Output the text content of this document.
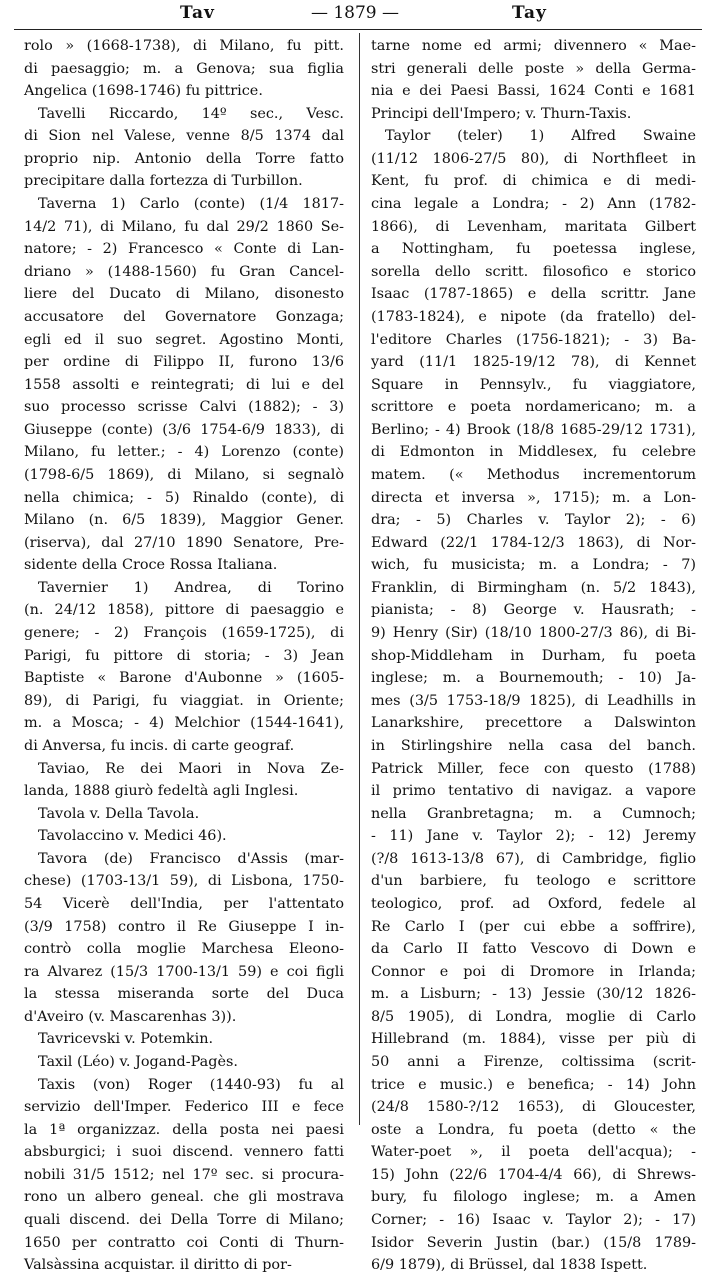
Tav	— 1879 —	Tay
rolo » (1668-1738), di Milano, fu pitt.
di paesaggio; m. a Genova; sua figlia
Angelica (1698-1746) fu pittrice.
Tavelli Riccardo, 14º sec., Vesc.
di Sion nel Valese, venne 8/5 1374 dal
proprio nip. Antonio della Torre fatto
precipitare dalla fortezza di Turbillon.
Taverna 1) Carlo (conte) (1/4 1817-
14/2 71), di Milano, fu dal 29/2 1860 Se-
natore; - 2) Francesco « Conte di Lan-
driano » (1488-1560) fu Gran Cancel-
liere del Ducato di Milano, disonesto
accusatore del Governatore Gonzaga;
egli ed il suo segret. Agostino Monti,
per ordine di Filippo II, furono 13/6
1558 assolti e reintegrati; di lui e del
suo processo scrisse Calvi (1882); - 3)
Giuseppe (conte) (3/6 1754-6/9 1833), di
Milano, fu letter.; - 4) Lorenzo (conte)
(1798-6/5 1869), di Milano, si segnalò
nella chimica; - 5) Rinaldo (conte), di
Milano (n. 6/5 1839), Maggior Gener.
(riserva), dal 27/10 1890 Senatore, Pre-
sidente della Croce Rossa Italiana.
Tavernier 1) Andrea, di Torino
(n. 24/12 1858), pittore di paesaggio e
genere; - 2) François (1659-1725), di
Parigi, fu pittore di storia; - 3) Jean
Baptiste « Barone d'Aubonne » (1605-
89), di Parigi, fu viaggiat. in Oriente;
m. a Mosca; - 4) Melchior (1544-1641),
di Anversa, fu incis. di carte geograf.
Taviao, Re dei Maori in Nova Ze-
landa, 1888 giurò fedeltà agli Inglesi.
Tavola v. Della Tavola.
Tavolaccino v. Medici 46).
Tavora (de) Francisco d'Assis (mar-
chese) (1703-13/1 59), di Lisbona, 1750-
54 Vicerè dell'India, per l'attentato
(3/9 1758) contro il Re Giuseppe I in-
contrò colla moglie Marchesa Eleono-
ra Alvarez (15/3 1700-13/1 59) e coi figli
la stessa miseranda sorte del Duca
d'Aveiro (v. Mascarenhas 3)).
Tavricevski v. Potemkin.
Taxil (Léo) v. Jogand-Pagès.
Taxis (von) Roger (1440-93) fu al
servizio dell'Imper. Federico III e fece
la 1ª organizzaz. della posta nei paesi
absburgici; i suoi discend. vennero fatti
nobili 31/5 1512; nel 17º sec. si procura-
rono un albero geneal. che gli mostrava
quali discend. dei Della Torre di Milano;
1650 per contratto coi Conti di Thurn-
Valsàssina acquistar. il diritto di por-
tarne nome ed armi; divennero « Mae-
stri generali delle poste » della Germa-
nia e dei Paesi Bassi, 1624 Conti e 1681
Principi dell'Impero; v. Thurn-Taxis.
Taylor (teler) 1) Alfred Swaine
(11/12 1806-27/5 80), di Northfleet in
Kent, fu prof. di chimica e di medi-
cina legale a Londra; - 2) Ann (1782-
1866), di Levenham, maritata Gilbert
a Nottingham, fu poetessa inglese,
sorella dello scritt. filosofico e storico
Isaac (1787-1865) e della scrittr. Jane
(1783-1824), e nipote (da fratello) del-
l'editore Charles (1756-1821); - 3) Ba-
yard (11/1 1825-19/12 78), di Kennet
Square in Pennsylv., fu viaggiatore,
scrittore e poeta nordamericano; m. a
Berlino; - 4) Brook (18/8 1685-29/12 1731),
di Edmonton in Middlesex, fu celebre
matem. (« Methodus incrementorum
directa et inversa », 1715); m. a Lon-
dra; - 5) Charles v. Taylor 2); - 6)
Edward (22/1 1784-12/3 1863), di Nor-
wich, fu musicista; m. a Londra; - 7)
Franklin, di Birmingham (n. 5/2 1843),
pianista; - 8) George v. Hausrath; -
9) Henry (Sir) (18/10 1800-27/3 86), di Bi-
shop-Middleham in Durham, fu poeta
inglese; m. a Bournemouth; - 10) Ja-
mes (3/5 1753-18/9 1825), di Leadhills in
Lanarkshire, precettore a Dalswinton
in Stirlingshire nella casa del banch.
Patrick Miller, fece con questo (1788)
il primo tentativo di navigaz. a vapore
nella Granbretagna; m. a Cumnoch;
- 11) Jane v. Taylor 2); - 12) Jeremy
(?/8 1613-13/8 67), di Cambridge, figlio
d'un barbiere, fu teologo e scrittore
teologico, prof. ad Oxford, fedele al
Re Carlo I (per cui ebbe a soffrire),
da Carlo II fatto Vescovo di Down e
Connor e poi di Dromore in Irlanda;
m. a Lisburn; - 13) Jessie (30/12 1826-
8/5 1905), di Londra, moglie di Carlo
Hillebrand (m. 1884), visse per più di
50 anni a Firenze, coltissima (scrit-
trice e music.) e benefica; - 14) John
(24/8 1580-?/12 1653), di Gloucester,
oste a Londra, fu poeta (detto « the
Water-poet », il poeta dell'acqua); -
15) John (22/6 1704-4/4 66), di Shrews-
bury, fu filologo inglese; m. a Amen
Corner; - 16) Isaac v. Taylor 2); - 17)
Isidor Severin Justin (bar.) (15/8 1789-
6/9 1879), di Brüssel, dal 1838 Ispett.
